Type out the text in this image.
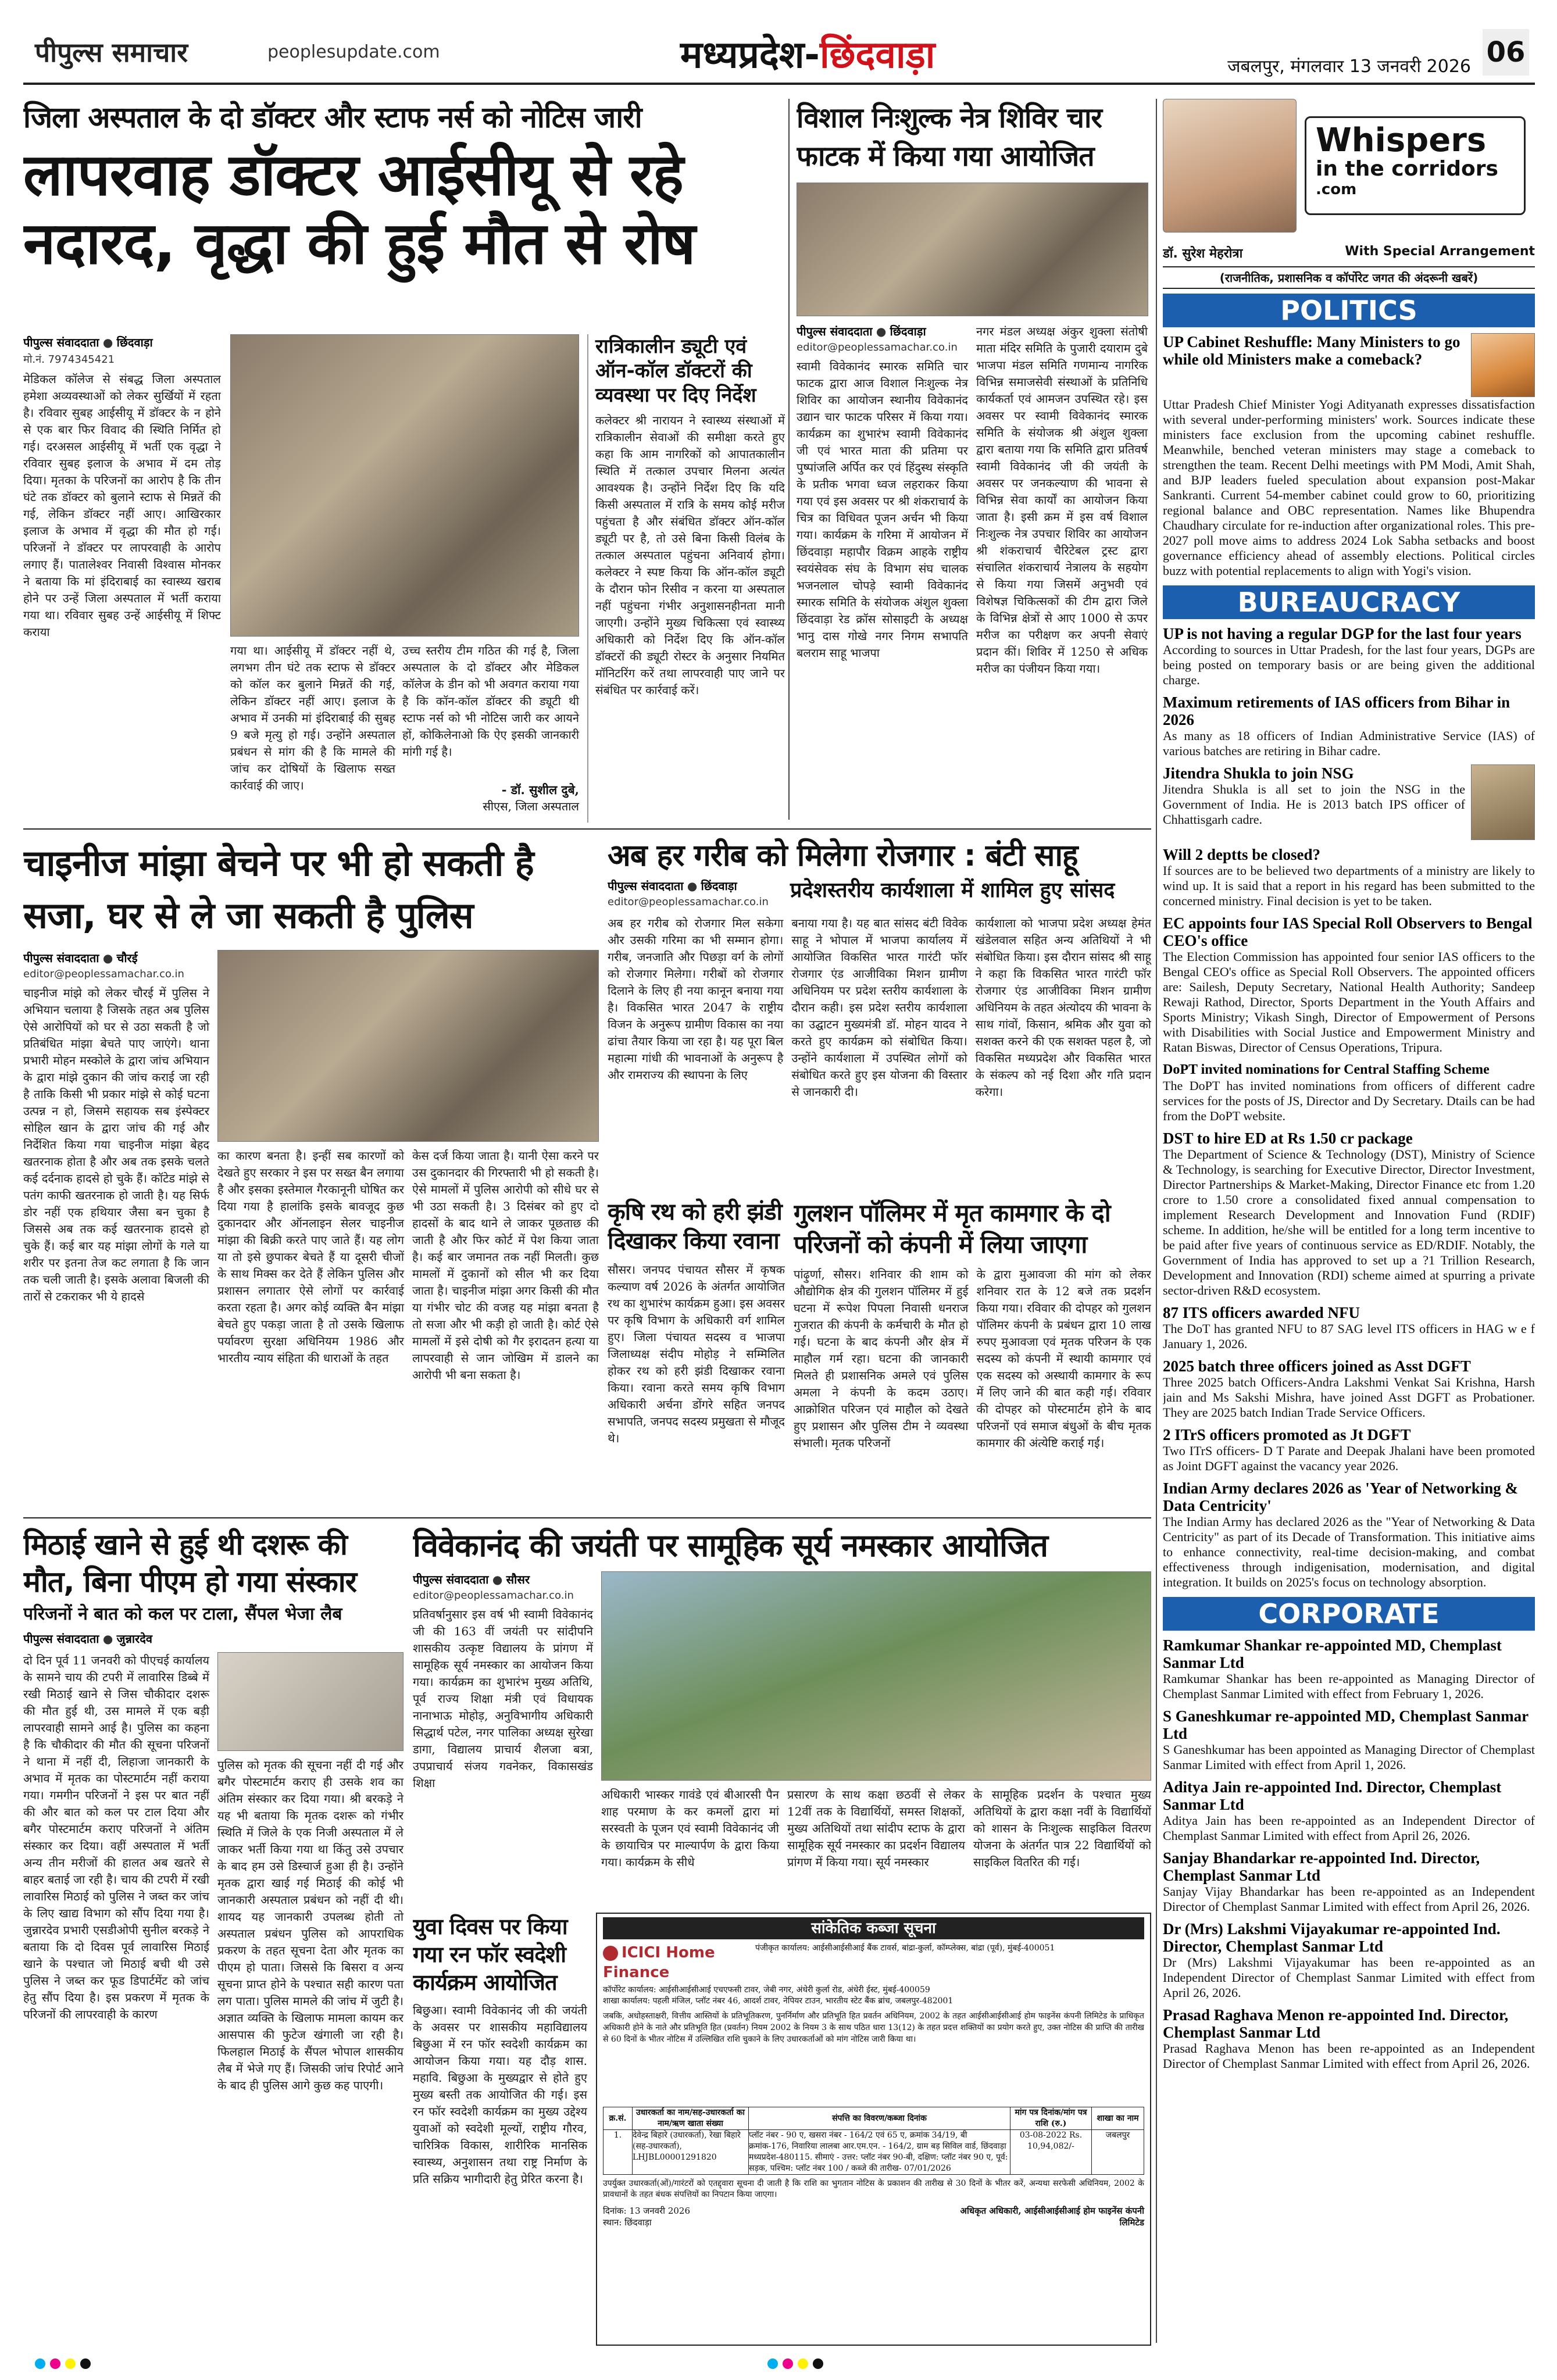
पीपुल्स समाचार	peoplesupdate.com	मध्यप्रदेश-छिंदवाड़ा	जबलपुर, मंगलवार 13 जनवरी 2026 06
जिला अस्पताल के दो डॉक्टर और स्टाफ नर्स को नोटिस जारी
लापरवाह डॉक्टर आईसीयू से रहे नदारद, वृद्धा की हुई मौत से रोष
पीपुल्स संवाददाता ● छिंदवाड़ा
मो.नं. 7974345421
मेडिकल कॉलेज से संबद्ध जिला अस्पताल हमेशा अव्यवस्थाओं को लेकर सुर्खियों में रहता है। रविवार सुबह आईसीयू में डॉक्टर के न होने से एक बार फिर विवाद की स्थिति निर्मित हो गई। दरअसल आईसीयू में भर्ती एक वृद्धा ने रविवार सुबह इलाज के अभाव में दम तोड़ दिया। मृतका के परिजनों का आरोप है कि तीन घंटे तक डॉक्टर को बुलाने स्टाफ से मिन्नतें की गई, लेकिन डॉक्टर नहीं आए। आखिरकार इलाज के अभाव में वृद्धा की मौत हो गई। परिजनों ने डॉक्टर पर लापरवाही के आरोप लगाए हैं। पातालेश्वर निवासी विश्वास मोनकर ने बताया कि मां इंदिराबाई का स्वास्थ्य खराब होने पर उन्हें जिला अस्पताल में भर्ती कराया गया था। रविवार सुबह उन्हें आईसीयू में शिफ्ट कराया
गया था। आईसीयू में डॉक्टर नहीं थे, लगभग तीन घंटे तक स्टाफ से डॉक्टर को कॉल कर बुलाने मिन्नतें की गई, लेकिन डॉक्टर नहीं आए। इलाज के अभाव में उनकी मां इंदिराबाई की सुबह 9 बजे मृत्यु हो गई। उन्होंने अस्पताल प्रबंधन से मांग की है कि मामले की जांच कर दोषियों के खिलाफ सख्त कार्रवाई की जाए।
उच्च स्तरीय टीम गठित की गई है, जिला अस्पताल के दो डॉक्टर और मेडिकल कॉलेज के डीन को भी अवगत कराया गया है कि कॉन-कॉल डॉक्टर की ड्यूटी थी स्टाफ नर्स को भी नोटिस जारी कर आयने हों, कोकिलेनाओ कि ऐए इसकी जानकारी मांगी गई है।
- डॉ. सुशील दुबे,
सीएस, जिला अस्पताल
रात्रिकालीन ड्यूटी एवं ऑन-कॉल डॉक्टरों की व्यवस्था पर दिए निर्देश
कलेक्टर श्री नारायन ने स्वास्थ्य संस्थाओं में रात्रिकालीन सेवाओं की समीक्षा करते हुए कहा कि आम नागरिकों को आपातकालीन स्थिति में तत्काल उपचार मिलना अत्यंत आवश्यक है। उन्होंने निर्देश दिए कि यदि किसी अस्पताल में रात्रि के समय कोई मरीज पहुंचता है और संबंधित डॉक्टर ऑन-कॉल ड्यूटी पर है, तो उसे बिना किसी विलंब के तत्काल अस्पताल पहुंचना अनिवार्य होगा। कलेक्टर ने स्पष्ट किया कि ऑन-कॉल ड्यूटी के दौरान फोन रिसीव न करना या अस्पताल नहीं पहुंचना गंभीर अनुशासनहीनता मानी जाएगी। उन्होंने मुख्य चिकित्सा एवं स्वास्थ्य अधिकारी को निर्देश दिए कि ऑन-कॉल डॉक्टरों की ड्यूटी रोस्टर के अनुसार नियमित मॉनिटरिंग करें तथा लापरवाही पाए जाने पर संबंधित पर कार्रवाई करें।
विशाल निःशुल्क नेत्र शिविर चार फाटक में किया गया आयोजित
पीपुल्स संवाददाता ● छिंदवाड़ा
editor@peoplessamachar.co.in
स्वामी विवेकानंद स्मारक समिति चार फाटक द्वारा आज विशाल निःशुल्क नेत्र शिविर का आयोजन स्थानीय विवेकानंद उद्यान चार फाटक परिसर में किया गया। कार्यक्रम का शुभारंभ स्वामी विवेकानंद जी एवं भारत माता की प्रतिमा पर पुष्पांजलि अर्पित कर एवं हिंदुस्थ संस्कृति के प्रतीक भगवा ध्वज लहराकर किया गया एवं इस अवसर पर श्री शंकराचार्य के चित्र का विधिवत पूजन अर्चन भी किया गया। कार्यक्रम के गरिमा में आयोजन में छिंदवाड़ा महापौर विक्रम आहके राष्ट्रीय स्वयंसेवक संघ के विभाग संघ चालक भजनलाल चोपड़े स्वामी विवेकानंद स्मारक समिति के संयोजक अंशुल शुक्ला छिंदवाड़ा रेड क्रॉस सोसाइटी के अध्यक्ष भानु दास गोखे नगर निगम सभापति बलराम साहू भाजपा
नगर मंडल अध्यक्ष अंकुर शुक्ला संतोषी माता मंदिर समिति के पुजारी दयाराम दुबे भाजपा मंडल समिति गणमान्य नागरिक विभिन्न समाजसेवी संस्थाओं के प्रतिनिधि कार्यकर्ता एवं आमजन उपस्थित रहे। इस अवसर पर स्वामी विवेकानंद स्मारक समिति के संयोजक श्री अंशुल शुक्ला द्वारा बताया गया कि समिति द्वारा प्रतिवर्ष स्वामी विवेकानंद जी की जयंती के अवसर पर जनकल्याण की भावना से विभिन्न सेवा कार्यों का आयोजन किया जाता है। इसी क्रम में इस वर्ष विशाल निःशुल्क नेत्र उपचार शिविर का आयोजन श्री शंकराचार्य चैरिटेबल ट्रस्ट द्वारा संचालित शंकराचार्य नेत्रालय के सहयोग से किया गया जिसमें अनुभवी एवं विशेषज्ञ चिकित्सकों की टीम द्वारा जिले के विभिन्न क्षेत्रों से आए 1000 से ऊपर मरीज का परीक्षण कर अपनी सेवाएं प्रदान कीं। शिविर में 1250 से अधिक मरीज का पंजीयन किया गया।
Whispers
in the corridors
.com
डॉ. सुरेश मेहरोत्रा	With Special Arrangement
(राजनीतिक, प्रशासनिक व कॉर्पोरेट जगत की अंदरूनी खबरें)
POLITICS
UP Cabinet Reshuffle: Many Ministers to go while old Ministers make a comeback?
Uttar Pradesh Chief Minister Yogi Adityanath expresses dissatisfaction with several under-performing ministers' work. Sources indicate these ministers face exclusion from the upcoming cabinet reshuffle. Meanwhile, benched veteran ministers may stage a comeback to strengthen the team. Recent Delhi meetings with PM Modi, Amit Shah, and BJP leaders fueled speculation about expansion post-Makar Sankranti. Current 54-member cabinet could grow to 60, prioritizing regional balance and OBC representation. Names like Bhupendra Chaudhary circulate for re-induction after organizational roles. This pre-2027 poll move aims to address 2024 Lok Sabha setbacks and boost governance efficiency ahead of assembly elections. Political circles buzz with potential replacements to align with Yogi's vision.
BUREAUCRACY
UP is not having a regular DGP for the last four years
According to sources in Uttar Pradesh, for the last four years, DGPs are being posted on temporary basis or are being given the additional charge.
Maximum retirements of IAS officers from Bihar in 2026
As many as 18 officers of Indian Administrative Service (IAS) of various batches are retiring in Bihar cadre.
Jitendra Shukla to join NSG
Jitendra Shukla is all set to join the NSG in the Government of India. He is 2013 batch IPS officer of Chhattisgarh cadre.
Will 2 deptts be closed?
If sources are to be believed two departments of a ministry are likely to wind up. It is said that a report in his regard has been submitted to the concerned ministry. Final decision is yet to be taken.
EC appoints four IAS Special Roll Observers to Bengal CEO's office
The Election Commission has appointed four senior IAS officers to the Bengal CEO's office as Special Roll Observers. The appointed officers are: Sailesh, Deputy Secretary, National Health Authority; Sandeep Rewaji Rathod, Director, Sports Department in the Youth Affairs and Sports Ministry; Vikash Singh, Director of Empowerment of Persons with Disabilities with Social Justice and Empowerment Ministry and Ratan Biswas, Director of Census Operations, Tripura.
DoPT invited nominations for Central Staffing Scheme
The DoPT has invited nominations from officers of different cadre services for the posts of JS, Director and Dy Secretary. Dtails can be had from the DoPT website.
DST to hire ED at Rs 1.50 cr package
The Department of Science & Technology (DST), Ministry of Science & Technology, is searching for Executive Director, Director Investment, Director Partnerships & Market-Making, Director Finance etc from 1.20 crore to 1.50 crore a consolidated fixed annual compensation to implement Research Development and Innovation Fund (RDIF) scheme. In addition, he/she will be entitled for a long term incentive to be paid after five years of continuous service as ED/RDIF. Notably, the Government of India has approved to set up a ?1 Trillion Research, Development and Innovation (RDI) scheme aimed at spurring a private sector-driven R&D ecosystem.
87 ITS officers awarded NFU
The DoT has granted NFU to 87 SAG level ITS officers in HAG w e f January 1, 2026.
2025 batch three officers joined as Asst DGFT
Three 2025 batch Officers-Andra Lakshmi Venkat Sai Krishna, Harsh jain and Ms Sakshi Mishra, have joined Asst DGFT as Probationer. They are 2025 batch Indian Trade Service Officers.
2 ITrS officers promoted as Jt DGFT
Two ITrS officers- D T Parate and Deepak Jhalani have been promoted as Joint DGFT against the vacancy year 2026.
Indian Army declares 2026 as 'Year of Networking & Data Centricity'
The Indian Army has declared 2026 as the "Year of Networking & Data Centricity" as part of its Decade of Transformation. This initiative aims to enhance connectivity, real-time decision-making, and combat effectiveness through indigenisation, modernisation, and digital integration. It builds on 2025's focus on technology absorption.
CORPORATE
Ramkumar Shankar re-appointed MD, Chemplast Sanmar Ltd
Ramkumar Shankar has been re-appointed as Managing Director of Chemplast Sanmar Limited with effect from February 1, 2026.
S Ganeshkumar re-appointed MD, Chemplast Sanmar Ltd
S Ganeshkumar has been appointed as Managing Director of Chemplast Sanmar Limited with effect from April 1, 2026.
Aditya Jain re-appointed Ind. Director, Chemplast Sanmar Ltd
Aditya Jain has been re-appointed as an Independent Director of Chemplast Sanmar Limited with effect from April 26, 2026.
Sanjay Bhandarkar re-appointed Ind. Director, Chemplast Sanmar Ltd
Sanjay Vijay Bhandarkar has been re-appointed as an Independent Director of Chemplast Sanmar Limited with effect from April 26, 2026.
Dr (Mrs) Lakshmi Vijayakumar re-appointed Ind. Director, Chemplast Sanmar Ltd
Dr (Mrs) Lakshmi Vijayakumar has been re-appointed as an Independent Director of Chemplast Sanmar Limited with effect from April 26, 2026.
Prasad Raghava Menon re-appointed Ind. Director, Chemplast Sanmar Ltd
Prasad Raghava Menon has been re-appointed as an Independent Director of Chemplast Sanmar Limited with effect from April 26, 2026.
चाइनीज मांझा बेचने पर भी हो सकती है सजा, घर से ले जा सकती है पुलिस
पीपुल्स संवाददाता ● चौरई
editor@peoplessamachar.co.in
चाइनीज मांझे को लेकर चौरई में पुलिस ने अभियान चलाया है जिसके तहत अब पुलिस ऐसे आरोपियों को घर से उठा सकती है जो प्रतिबंधित मांझा बेचते पाए जाएंगे। थाना प्रभारी मोहन मस्कोले के द्वारा जांच अभियान के द्वारा मांझे दुकान की जांच कराई जा रही है ताकि किसी भी प्रकार मांझे से कोई घटना उत्पन्न न हो, जिसमे सहायक सब इंस्पेक्टर सोहिल खान के द्वारा जांच की गई और निर्देशित किया गया चाइनीज मांझा बेहद खतरनाक होता है और अब तक इसके चलते कई दर्दनाक हादसे हो चुके हैं। कॉटेड मांझे से पतंग काफी खतरनाक हो जाती है। यह सिर्फ डोर नहीं एक हथियार जैसा बन चुका है जिससे अब तक कई खतरनाक हादसे हो चुके हैं। कई बार यह मांझा लोगों के गले या शरीर पर इतना तेज कट लगाता है कि जान तक चली जाती है। इसके अलावा बिजली की तारों से टकराकर भी ये हादसे
का कारण बनता है। इन्हीं सब कारणों को देखते हुए सरकार ने इस पर सख्त बैन लगाया है और इसका इस्तेमाल गैरकानूनी घोषित कर दिया गया है हालांकि इसके बावजूद कुछ दुकानदार और ऑनलाइन सेलर चाइनीज मांझा की बिक्री करते पाए जाते हैं। यह लोग या तो इसे छुपाकर बेचते हैं या दूसरी चीजों के साथ मिक्स कर देते हैं लेकिन पुलिस और प्रशासन लगातार ऐसे लोगों पर कार्रवाई करता रहता है। अगर कोई व्यक्ति बैन मांझा बेचते हुए पकड़ा जाता है तो उसके खिलाफ पर्यावरण सुरक्षा अधिनियम 1986 और भारतीय न्याय संहिता की धाराओं के तहत
केस दर्ज किया जाता है। यानी ऐसा करने पर उस दुकानदार की गिरफ्तारी भी हो सकती है। ऐसे मामलों में पुलिस आरोपी को सीधे घर से भी उठा सकती है। 3 दिसंबर को हुए दो हादसों के बाद थाने ले जाकर पूछताछ की जाती है और फिर कोर्ट में पेश किया जाता है। कई बार जमानत तक नहीं मिलती। कुछ मामलों में दुकानों को सील भी कर दिया जाता है। चाइनीज मांझा अगर किसी की मौत या गंभीर चोट की वजह यह मांझा बनता है तो सजा और भी कड़ी हो जाती है। कोर्ट ऐसे मामलों में इसे दोषी को गैर इरादतन हत्या या लापरवाही से जान जोखिम में डालने का आरोपी भी बना सकता है।
अब हर गरीब को मिलेगा रोजगार : बंटी साहू
पीपुल्स संवाददाता ● छिंदवाड़ा
editor@peoplessamachar.co.in	प्रदेशस्तरीय कार्यशाला में शामिल हुए सांसद
अब हर गरीब को रोजगार मिल सकेगा और उसकी गरिमा का भी सम्मान होगा। गरीब, जनजाति और पिछड़ा वर्ग के लोगों को रोजगार मिलेगा। गरीबों को रोजगार दिलाने के लिए ही नया कानून बनाया गया है। विकसित भारत 2047 के राष्ट्रीय विजन के अनुरूप ग्रामीण विकास का नया ढांचा तैयार किया जा रहा है। यह पूरा बिल महात्मा गांधी की भावनाओं के अनुरूप है और रामराज्य की स्थापना के लिए
बनाया गया है। यह बात सांसद बंटी विवेक साहू ने भोपाल में भाजपा कार्यालय में आयोजित विकसित भारत गारंटी फॉर रोजगार एंड आजीविका मिशन ग्रामीण अधिनियम पर प्रदेश स्तरीय कार्यशाला के दौरान कही। इस प्रदेश स्तरीय कार्यशाला का उद्घाटन मुख्यमंत्री डॉ. मोहन यादव ने करते हुए कार्यक्रम को संबोधित किया। उन्होंने कार्यशाला में उपस्थित लोगों को संबोधित करते हुए इस योजना की विस्तार से जानकारी दी।
कार्यशाला को भाजपा प्रदेश अध्यक्ष हेमंत खंडेलवाल सहित अन्य अतिथियों ने भी संबोधित किया। इस दौरान सांसद श्री साहू ने कहा कि विकसित भारत गारंटी फॉर रोजगार एंड आजीविका मिशन ग्रामीण अधिनियम के तहत अंत्योदय की भावना के साथ गांवों, किसान, श्रमिक और युवा को सशक्त करने की एक सशक्त पहल है, जो विकसित मध्यप्रदेश और विकसित भारत के संकल्प को नई दिशा और गति प्रदान करेगा।
कृषि रथ को हरी झंडी दिखाकर किया रवाना
सौसर। जनपद पंचायत सौसर में कृषक कल्याण वर्ष 2026 के अंतर्गत आयोजित रथ का शुभारंभ कार्यक्रम हुआ। इस अवसर पर कृषि विभाग के अधिकारी वर्ग शामिल हुए। जिला पंचायत सदस्य व भाजपा जिलाध्यक्ष संदीप मोहोड़ ने सम्मिलित होकर रथ को हरी झंडी दिखाकर रवाना किया। रवाना करते समय कृषि विभाग अधिकारी अर्चना डोंगरे सहित जनपद सभापति, जनपद सदस्य प्रमुखता से मौजूद थे।
गुलशन पॉलिमर में मृत कामगार के दो परिजनों को कंपनी में लिया जाएगा
पांढ़ुर्णा, सौसर। शनिवार की शाम को औद्योगिक क्षेत्र की गुलशन पॉलिमर में हुई घटना में रूपेश पिपला निवासी धनराज गुजरात की कंपनी के कर्मचारी के मौत हो गई। घटना के बाद कंपनी और क्षेत्र में माहौल गर्म रहा। घटना की जानकारी मिलते ही प्रशासनिक अमले एवं पुलिस अमला ने कंपनी के कदम उठाए। आक्रोशित परिजन एवं माहौल को देखते हुए प्रशासन और पुलिस टीम ने व्यवस्था संभाली। मृतक परिजनों
के द्वारा मुआवजा की मांग को लेकर शनिवार रात के 12 बजे तक प्रदर्शन किया गया। रविवार की दोपहर को गुलशन पॉलिमर कंपनी के प्रबंधन द्वारा 10 लाख रुपए मुआवजा एवं मृतक परिजन के एक सदस्य को कंपनी में स्थायी कामगार एवं एक सदस्य को अस्थायी कामगार के रूप में लिए जाने की बात कही गई। रविवार की दोपहर को पोस्टमार्टम होने के बाद परिजनों एवं समाज बंधुओं के बीच मृतक कामगार की अंत्येष्टि कराई गई।
मिठाई खाने से हुई थी दशरू की मौत, बिना पीएम हो गया संस्कार
परिजनों ने बात को कल पर टाला, सैंपल भेजा लैब
पीपुल्स संवाददाता ● जुन्नारदेव
दो दिन पूर्व 11 जनवरी को पीएचई कार्यालय के सामने चाय की टपरी में लावारिस डिब्बे में रखी मिठाई खाने से जिस चौकीदार दशरू की मौत हुई थी, उस मामले में एक बड़ी लापरवाही सामने आई है। पुलिस का कहना है कि चौकीदार की मौत की सूचना परिजनों ने थाना में नहीं दी, लिहाजा जानकारी के अभाव में मृतक का पोस्टमार्टम नहीं कराया गया। गमगीन परिजनों ने इस पर बात नहीं की और बात को कल पर टाल दिया और बगैर पोस्टमार्टम कराए परिजनों ने अंतिम संस्कार कर दिया। वहीं अस्पताल में भर्ती अन्य तीन मरीजों की हालत अब खतरे से बाहर बताई जा रही है। चाय की टपरी में रखी लावारिस मिठाई को पुलिस ने जब्त कर जांच के लिए खाद्य विभाग को सौंप दिया गया है। जुन्नारदेव प्रभारी एसडीओपी सुनील बरकड़े ने बताया कि दो दिवस पूर्व लावारिस मिठाई खाने के पश्चात जो मिठाई बची थी उसे पुलिस ने जब्त कर फूड डिपार्टमेंट को जांच हेतु सौंप दिया है। इस प्रकरण में मृतक के परिजनों की लापरवाही के कारण
पुलिस को मृतक की सूचना नहीं दी गई और बगैर पोस्टमार्टम कराए ही उसके शव का अंतिम संस्कार कर दिया गया। श्री बरकड़े ने यह भी बताया कि मृतक दशरू को गंभीर स्थिति में जिले के एक निजी अस्पताल में ले जाकर भर्ती किया गया था किंतु उसे उपचार के बाद हम उसे डिस्चार्ज हुआ ही है। उन्होंने मृतक द्वारा खाई गई मिठाई की कोई भी जानकारी अस्पताल प्रबंधन को नहीं दी थी। शायद यह जानकारी उपलब्ध होती तो अस्पताल प्रबंधन पुलिस को आपराधिक प्रकरण के तहत सूचना देता और मृतक का पीएम हो पाता। जिससे कि बिसरा व अन्य सूचना प्राप्त होने के पश्चात सही कारण पता लग पाता। पुलिस मामले की जांच में जुटी है। अज्ञात व्यक्ति के खिलाफ मामला कायम कर आसपास की फुटेज खंगाली जा रही है। फिलहाल मिठाई के सैंपल भोपाल शासकीय लैब में भेजे गए हैं। जिसकी जांच रिपोर्ट आने के बाद ही पुलिस आगे कुछ कह पाएगी।
विवेकानंद की जयंती पर सामूहिक सूर्य नमस्कार आयोजित
पीपुल्स संवाददाता ● सौसर
editor@peoplessamachar.co.in
प्रतिवर्षानुसार इस वर्ष भी स्वामी विवेकानंद जी की 163 वीं जयंती पर सांदीपनि शासकीय उत्कृष्ट विद्यालय के प्रांगण में सामूहिक सूर्य नमस्कार का आयोजन किया गया। कार्यक्रम का शुभारंभ मुख्य अतिथि, पूर्व राज्य शिक्षा मंत्री एवं विधायक नानाभाऊ मोहोड़, अनुविभागीय अधिकारी सिद्धार्थ पटेल, नगर पालिका अध्यक्ष सुरेखा डागा, विद्यालय प्राचार्य शैलजा बत्रा, उपप्राचार्य संजय गवनेकर, विकासखंड शिक्षा
अधिकारी भास्कर गावंडे एवं बीआरसी पैन शाह परमाण के कर कमलों द्वारा मां सरस्वती के पूजन एवं स्वामी विवेकानंद जी के छायाचित्र पर माल्यार्पण के द्वारा किया गया। कार्यक्रम के सीधे
प्रसारण के साथ कक्षा छठवीं से लेकर 12वीं तक के विद्यार्थियों, समस्त शिक्षकों, मुख्य अतिथियों तथा सांदीप स्टाफ के द्वारा सामूहिक सूर्य नमस्कार का प्रदर्शन विद्यालय प्रांगण में किया गया। सूर्य नमस्कार
के सामूहिक प्रदर्शन के पश्चात मुख्य अतिथियों के द्वारा कक्षा नवीं के विद्यार्थियों को शासन के निःशुल्क साइकिल वितरण योजना के अंतर्गत पात्र 22 विद्यार्थियों को साइकिल वितरित की गई।
युवा दिवस पर किया गया रन फॉर स्वदेशी कार्यक्रम आयोजित
बिछुआ। स्वामी विवेकानंद जी की जयंती के अवसर पर शासकीय महाविद्यालय बिछुआ में रन फॉर स्वदेशी कार्यक्रम का आयोजन किया गया। यह दौड़ शास. महावि. बिछुआ के मुख्यद्वार से होते हुए मुख्य बस्ती तक आयोजित की गई। इस रन फॉर स्वदेशी कार्यक्रम का मुख्य उद्देश्य युवाओं को स्वदेशी मूल्यों, राष्ट्रीय गौरव, चारित्रिक विकास, शारीरिक मानसिक स्वास्थ्य, अनुशासन तथा राष्ट्र निर्माण के प्रति सक्रिय भागीदारी हेतु प्रेरित करना है।
सांकेतिक कब्जा सूचना
ICICI Home Finance
पंजीकृत कार्यालय: आईसीआईसीआई बैंक टावर्स, बांद्रा-कुर्ला, कॉम्प्लेक्स, बांद्रा (पूर्व), मुंबई-400051
कॉर्पोरेट कार्यालय: आईसीआईसीआई एचएफसी टावर, जेबी नगर, अंधेरी कुर्ला रोड, अंधेरी ईस्ट, मुंबई-400059
शाखा कार्यालय: पहली मंजिल, प्लॉट नंबर 46, आदर्श टावर, नेपियर टाउन, भारतीय स्टेट बैंक ब्रांच, जबलपुर-482001
जबकि, अधोहस्ताक्षरी, वित्तीय आस्तियों के प्रतिभूतिकरण, पुनर्निर्माण और प्रतिभूति हित प्रवर्तन अधिनियम, 2002 के तहत आईसीआईसीआई होम फाइनेंस कंपनी लिमिटेड के प्राधिकृत अधिकारी होने के नाते और प्रतिभूति हित (प्रवर्तन) नियम 2002 के नियम 3 के साथ पठित धारा 13(12) के तहत प्रदत्त शक्तियों का प्रयोग करते हुए, उक्त नोटिस की प्राप्ति की तारीख से 60 दिनों के भीतर नोटिस में उल्लिखित राशि चुकाने के लिए उधारकर्ताओं को मांग नोटिस जारी किया था।
क्र.सं.	उधारकर्ता का नाम/सह-उधारकर्ता का नाम/ऋण खाता संख्या	संपत्ति का विवरण/कब्जा दिनांक	मांग पत्र दिनांक/मांग पत्र राशि (रु.)	शाखा का नाम
1.	देवेन्द्र बिहारे (उधारकर्ता), रेखा बिहारे (सह-उधारकर्ता), LHJBL00001291820	प्लॉट नंबर - 90 ए, खसरा नंबर - 164/2 एवं 65 ए, क्रमांक 34/19, बी क्रमांक-176, निवारिया लालबा आर.एम.एन. - 164/2, ग्राम बड़ सिविल वार्ड, छिंदवाड़ा मध्यप्रदेश-480115. सीमाएं - उत्तर: प्लॉट नंबर 90-बी, दक्षिण: प्लॉट नंबर 90 ए, पूर्व: सड़क, पश्चिम: प्लॉट नंबर 100 / कब्जे की तारीख- 07/01/2026	03-08-2022 Rs. 10,94,082/-	जबलपुर
उपर्युक्त उधारकर्ता(ओं)/गारंटरों को एतद्द्वारा सूचना दी जाती है कि राशि का भुगतान नोटिस के प्रकाशन की तारीख से 30 दिनों के भीतर करें, अन्यथा सरफेसी अधिनियम, 2002 के प्रावधानों के तहत बंधक संपत्तियों का निपटान किया जाएगा।
दिनांक: 13 जनवरी 2026
स्थान: छिंदवाड़ा
अधिकृत अधिकारी, आईसीआईसीआई होम फाइनेंस कंपनी लिमिटेड
